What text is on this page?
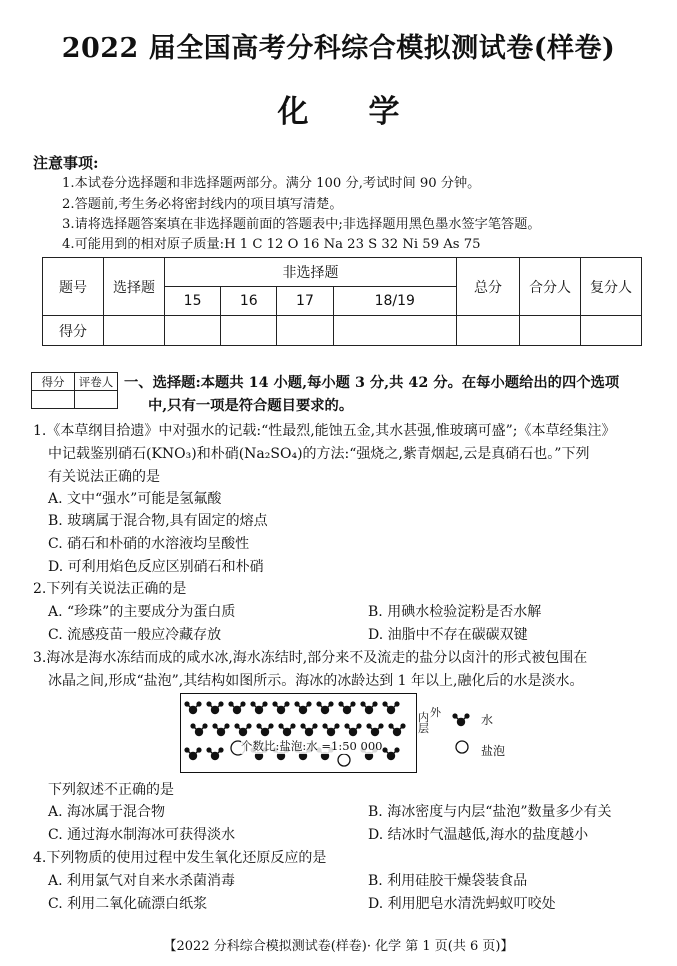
2022 届全国高考分科综合模拟测试卷(样卷)
化学
注意事项:
1.本试卷分选择题和非选择题两部分。满分 100 分,考试时间 90 分钟。
2.答题前,考生务必将密封线内的项目填写清楚。
3.请将选择题答案填在非选择题前面的答题表中;非选择题用黑色墨水签字笔答题。
4.可能用到的相对原子质量:H 1 C 12 O 16 Na 23 S 32 Ni 59 As 75
题号	选择题	非选择题				总分	合分人	复分人
		15	16	17	18/19			
得分								
得分	评卷人
	一、选择题:本题共 14 小题,每小题 3 分,共 42 分。在每小题给出的四个选项
中,只有一项是符合题目要求的。
1.《本草纲目拾遗》中对强水的记载:“性最烈,能蚀五金,其水甚强,惟玻璃可盛”;《本草经集注》
中记载鉴别硝石(KNO₃)和朴硝(Na₂SO₄)的方法:“强烧之,紫青烟起,云是真硝石也。”下列
有关说法正确的是
A. 文中“强水”可能是氢氟酸
B. 玻璃属于混合物,具有固定的熔点
C. 硝石和朴硝的水溶液均呈酸性
D. 可利用焰色反应区别硝石和朴硝
2.下列有关说法正确的是
A. “珍珠”的主要成分为蛋白质	B. 用碘水检验淀粉是否水解
C. 流感疫苗一般应冷藏存放	D. 油脂中不存在碳碳双键
3.海冰是海水冻结而成的咸水冰,海水冻结时,部分来不及流走的盐分以卤汁的形式被包围在
冰晶之间,形成“盐泡”,其结构如图所示。海冰的冰龄达到 1 年以上,融化后的水是淡水。
个数比:盐泡:水 =1:50 000
内
层
外
水
盐泡
下列叙述不正确的是
A. 海冰属于混合物	B. 海冰密度与内层“盐泡”数量多少有关
C. 通过海水制海冰可获得淡水	D. 结冰时气温越低,海水的盐度越小
4.下列物质的使用过程中发生氧化还原反应的是
A. 利用氯气对自来水杀菌消毒	B. 利用硅胶干燥袋装食品
C. 利用二氧化硫漂白纸浆	D. 利用肥皂水清洗蚂蚁叮咬处
【2022 分科综合模拟测试卷(样卷)· 化学 第 1 页(共 6 页)】
